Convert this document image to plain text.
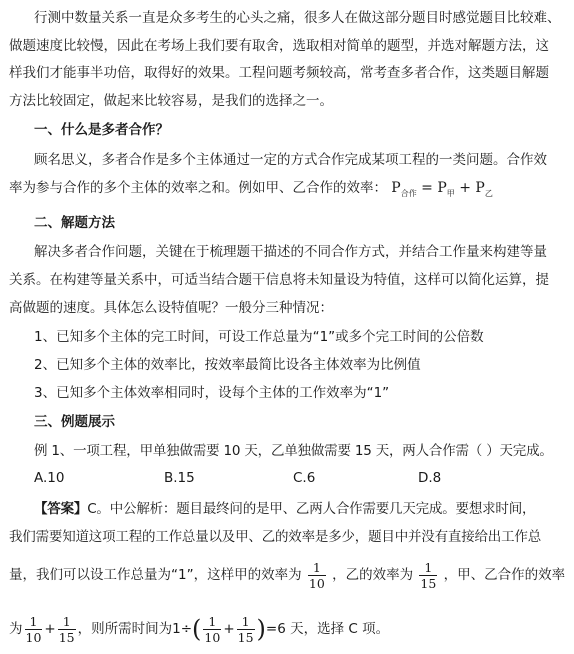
行测中数量关系一直是众多考生的心头之痛，很多人在做这部分题目时感觉题目比较难、
做题速度比较慢，因此在考场上我们要有取舍，选取相对简单的题型，并选对解题方法，这
样我们才能事半功倍，取得好的效果。工程问题考频较高，常考查多者合作，这类题目解题
方法比较固定，做起来比较容易，是我们的选择之一。
一、什么是多者合作？
顾名思义，多者合作是多个主体通过一定的方式合作完成某项工程的一类问题。合作效
率为参与合作的多个主体的效率之和。例如甲、乙合作的效率： $P_{合作} = P_甲 + P_乙$
二、解题方法
解决多者合作问题，关键在于梳理题干描述的不同合作方式，并结合工作量来构建等量
关系。在构建等量关系中，可适当结合题干信息将未知量设为特值，这样可以简化运算，提
高做题的速度。具体怎么设特值呢？一般分三种情况：
1、已知多个主体的完工时间，可设工作总量为“1”或多个完工时间的公倍数
2、已知多个主体的效率比，按效率最简比设各主体效率为比例值
3、已知多个主体效率相同时，设每个主体的工作效率为“1”
三、例题展示
例 1、一项工程，甲单独做需要 10 天，乙单独做需要 15 天，两人合作需（ ）天完成。
A.10	B.15	C.6	D.8
【答案】C。中公解析：题目最终问的是甲、乙两人合作需要几天完成。要想求时间，
我们需要知道这项工程的工作总量以及甲、乙的效率是多少，题目中并没有直接给出工作总
量，我们可以设工作总量为“1”，这样甲的效率为 $\frac{1}{10}$ ，乙的效率为 $\frac{1}{15}$ ，甲、乙合作的效率
为 $\frac{1}{10} + \frac{1}{15}$ ，则所需时间为$1\div( \frac{1}{10} + \frac{1}{15} )=6$ 天，选择 C 项。
